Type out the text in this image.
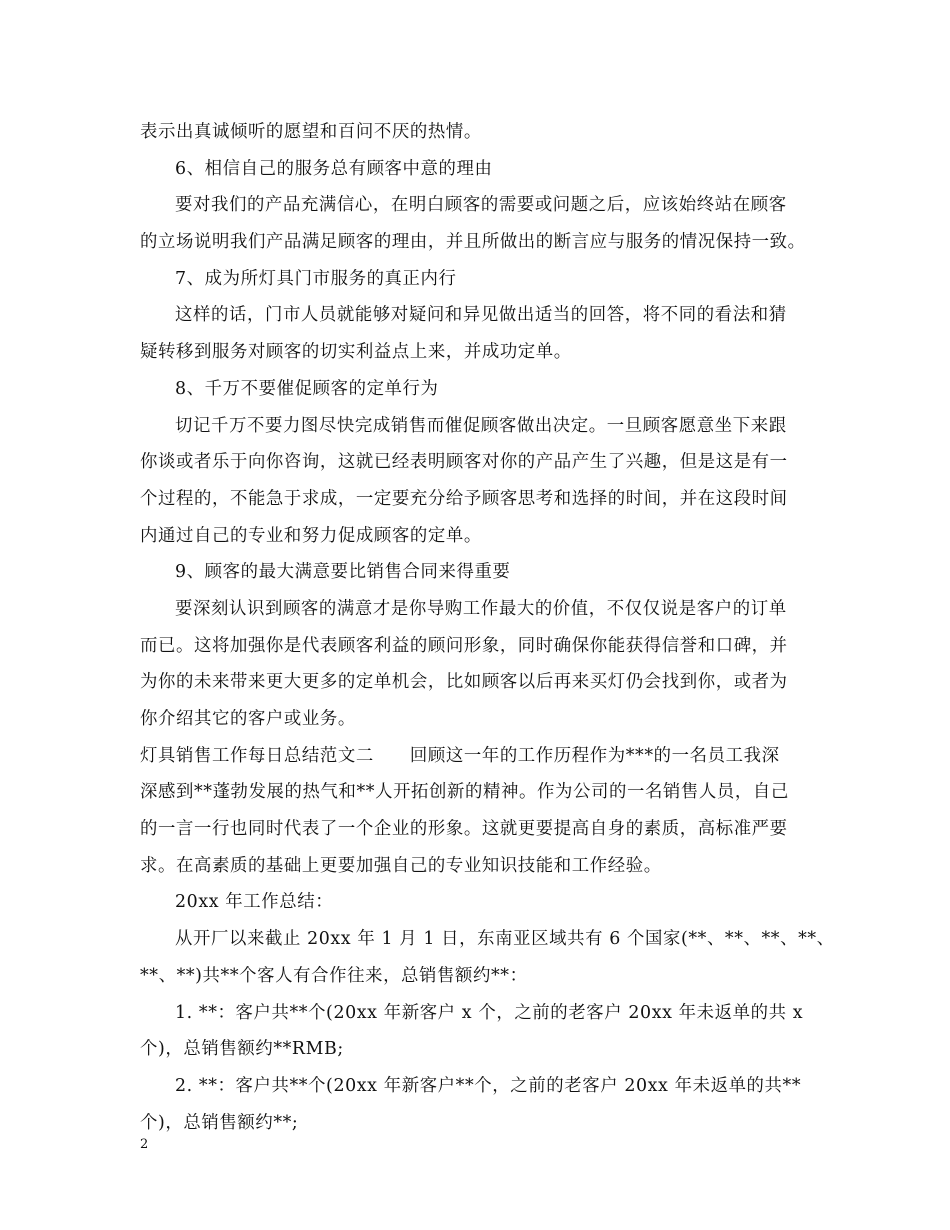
表示出真诚倾听的愿望和百问不厌的热情。
6、相信自己的服务总有顾客中意的理由
要对我们的产品充满信心，在明白顾客的需要或问题之后，应该始终站在顾客
的立场说明我们产品满足顾客的理由，并且所做出的断言应与服务的情况保持一致。
7、成为所灯具门市服务的真正内行
这样的话，门市人员就能够对疑问和异见做出适当的回答，将不同的看法和猜
疑转移到服务对顾客的切实利益点上来，并成功定单。
8、千万不要催促顾客的定单行为
切记千万不要力图尽快完成销售而催促顾客做出决定。一旦顾客愿意坐下来跟
你谈或者乐于向你咨询，这就已经表明顾客对你的产品产生了兴趣，但是这是有一
个过程的，不能急于求成，一定要充分给予顾客思考和选择的时间，并在这段时间
内通过自己的专业和努力促成顾客的定单。
9、顾客的最大满意要比销售合同来得重要
要深刻认识到顾客的满意才是你导购工作最大的价值，不仅仅说是客户的订单
而已。这将加强你是代表顾客利益的顾问形象，同时确保你能获得信誉和口碑，并
为你的未来带来更大更多的定单机会，比如顾客以后再来买灯仍会找到你，或者为
你介绍其它的客户或业务。
灯具销售工作每日总结范文二　　回顾这一年的工作历程作为***的一名员工我深
深感到**蓬勃发展的热气和**人开拓创新的精神。作为公司的一名销售人员，自己
的一言一行也同时代表了一个企业的形象。这就更要提高自身的素质，高标准严要
求。在高素质的基础上更要加强自己的专业知识技能和工作经验。
20xx 年工作总结：
从开厂以来截止 20xx 年 1 月 1 日，东南亚区域共有 6 个国家(**、**、**、**、
**、**)共**个客人有合作往来，总销售额约**：
1. **：客户共**个(20xx 年新客户 x 个，之前的老客户 20xx 年未返单的共 x
个)，总销售额约**RMB;
2. **：客户共**个(20xx 年新客户**个，之前的老客户 20xx 年未返单的共**
个)，总销售额约**;
2
